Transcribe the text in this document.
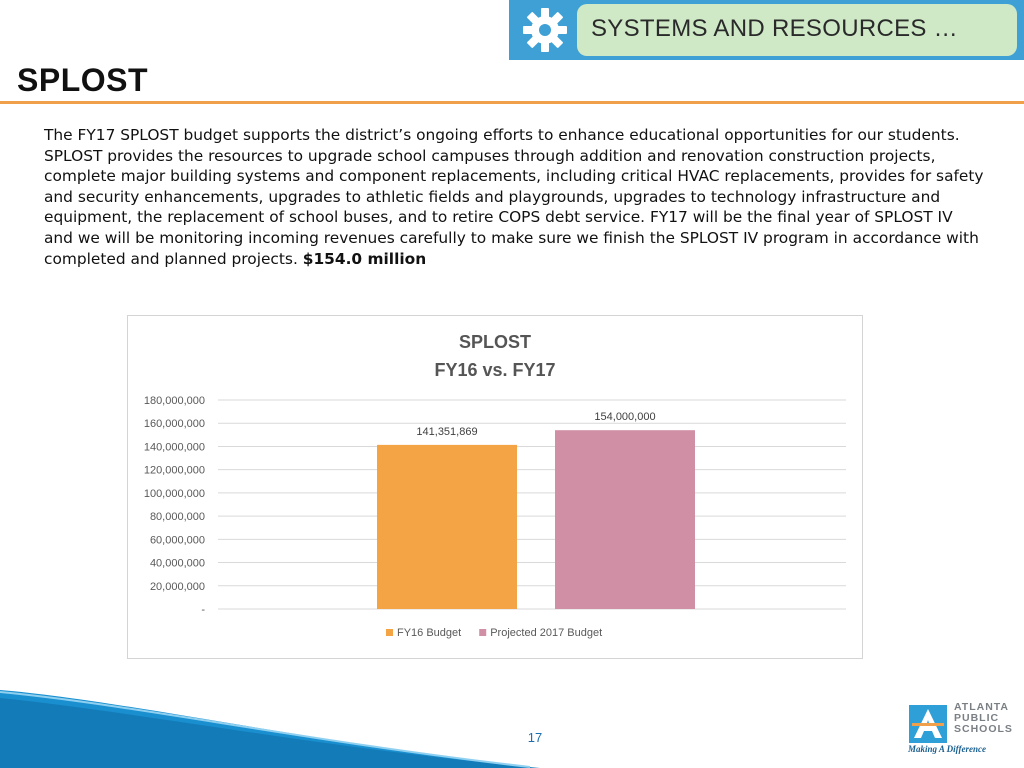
SYSTEMS AND RESOURCES …
SPLOST
The FY17 SPLOST budget supports the district’s ongoing efforts to enhance educational opportunities for our students. SPLOST provides the resources to upgrade school campuses through addition and renovation construction projects, complete major building systems and component replacements, including critical HVAC replacements, provides for safety and security enhancements, upgrades to athletic fields and playgrounds, upgrades to technology infrastructure and equipment, the replacement of school buses, and to retire COPS debt service. FY17 will be the final year of SPLOST IV and we will be monitoring incoming revenues carefully to make sure we finish the SPLOST IV program in accordance with completed and planned projects. $154.0 million
SPLOST
FY16 vs. FY17
180,000,000
160,000,000
140,000,000
120,000,000
100,000,000
80,000,000
60,000,000
40,000,000
20,000,000
-
141,351,869
154,000,000
FY16 Budget	Projected 2017 Budget
17
ATLANTA
PUBLIC
SCHOOLS
Making A Difference
